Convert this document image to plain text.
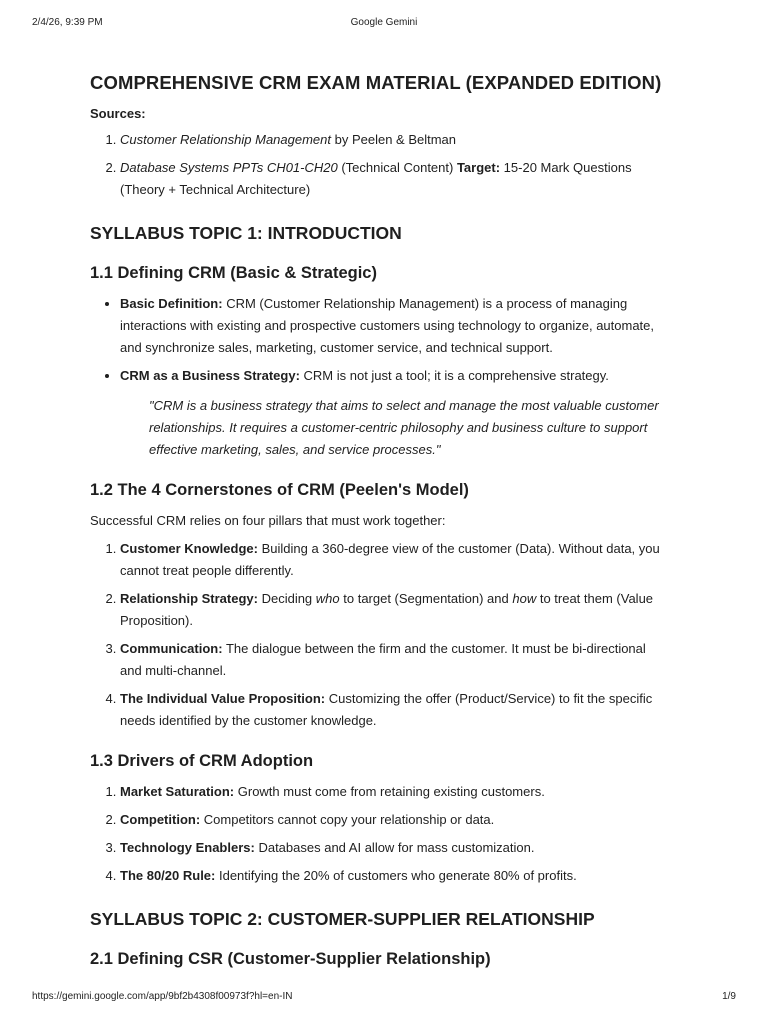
2/4/26, 9:39 PM	Google Gemini
COMPREHENSIVE CRM EXAM MATERIAL (EXPANDED EDITION)
Sources:
1. Customer Relationship Management by Peelen & Beltman
2. Database Systems PPTs CH01-CH20 (Technical Content) Target: 15-20 Mark Questions (Theory + Technical Architecture)
SYLLABUS TOPIC 1: INTRODUCTION
1.1 Defining CRM (Basic & Strategic)
• Basic Definition: CRM (Customer Relationship Management) is a process of managing interactions with existing and prospective customers using technology to organize, automate, and synchronize sales, marketing, customer service, and technical support.
• CRM as a Business Strategy: CRM is not just a tool; it is a comprehensive strategy.
"CRM is a business strategy that aims to select and manage the most valuable customer relationships. It requires a customer-centric philosophy and business culture to support effective marketing, sales, and service processes."
1.2 The 4 Cornerstones of CRM (Peelen's Model)

Successful CRM relies on four pillars that must work together:

1. Customer Knowledge: Building a 360-degree view of the customer (Data). Without data, you cannot treat people differently.
2. Relationship Strategy: Deciding who to target (Segmentation) and how to treat them (Value Proposition).
3. Communication: The dialogue between the firm and the customer. It must be bi-directional and multi-channel.
4. The Individual Value Proposition: Customizing the offer (Product/Service) to fit the specific needs identified by the customer knowledge.
1.3 Drivers of CRM Adoption
1. Market Saturation: Growth must come from retaining existing customers.
2. Competition: Competitors cannot copy your relationship or data.
3. Technology Enablers: Databases and AI allow for mass customization.
4. The 80/20 Rule: Identifying the 20% of customers who generate 80% of profits.
SYLLABUS TOPIC 2: CUSTOMER-SUPPLIER RELATIONSHIP
2.1 Defining CSR (Customer-Supplier Relationship)
https://gemini.google.com/app/9bf2b4308f00973f?hl=en-IN	1/9
